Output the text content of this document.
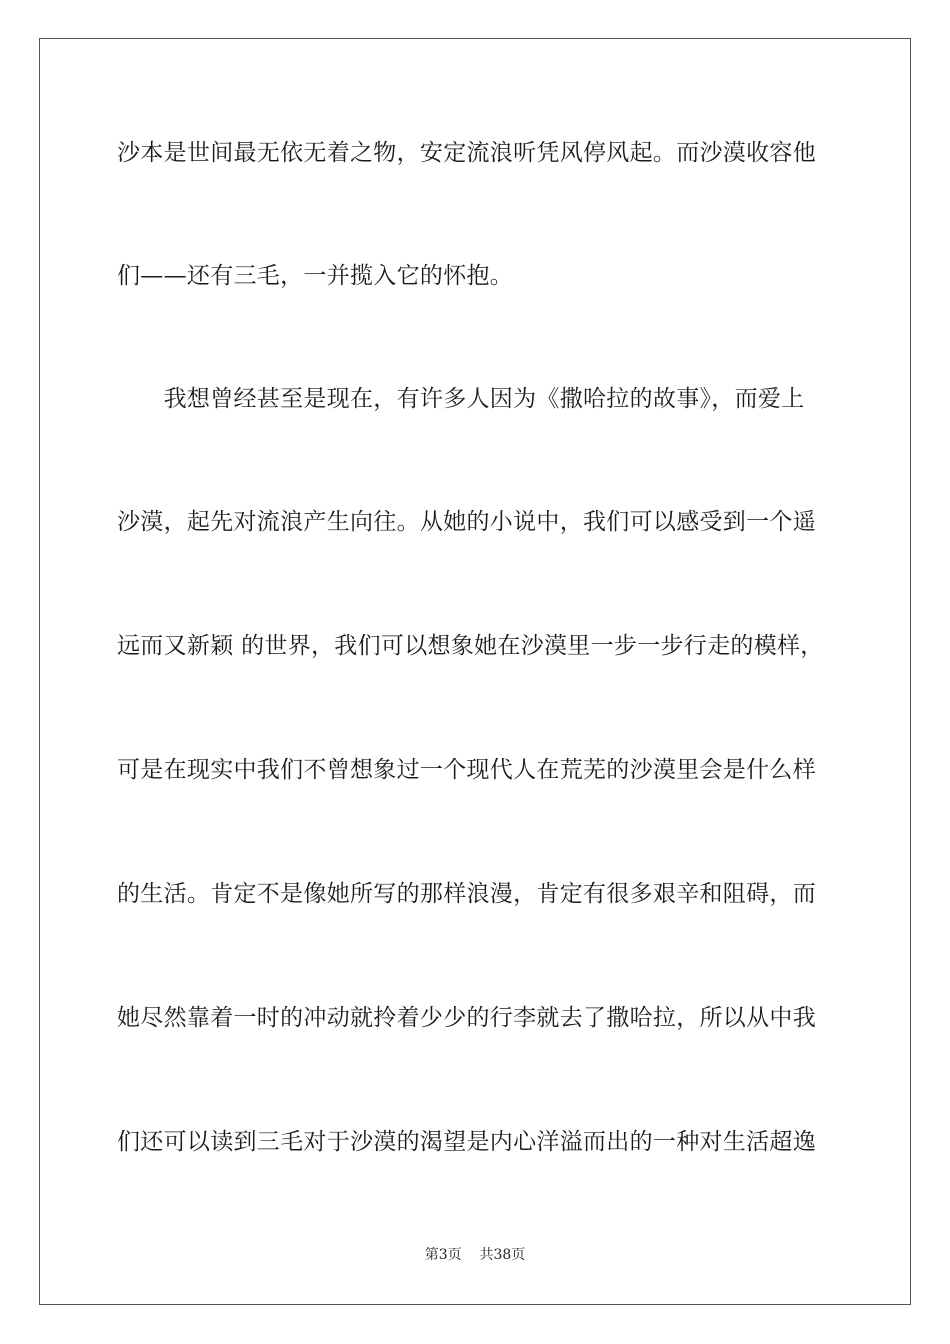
沙本是世间最无依无着之物，安定流浪听凭风停风起。而沙漠收容他
们——还有三毛，一并揽入它的怀抱。
　　我想曾经甚至是现在，有许多人因为《撒哈拉的故事》，而爱上
沙漠，起先对流浪产生向往。从她的小说中，我们可以感受到一个遥
远而又新颖 的世界，我们可以想象她在沙漠里一步一步行走的模样，
可是在现实中我们不曾想象过一个现代人在荒芜的沙漠里会是什么样
的生活。肯定不是像她所写的那样浪漫，肯定有很多艰辛和阻碍，而
她尽然靠着一时的冲动就拎着少少的行李就去了撒哈拉，所以从中我
们还可以读到三毛对于沙漠的渴望是内心洋溢而出的一种对生活超逸
第3页 共38页
